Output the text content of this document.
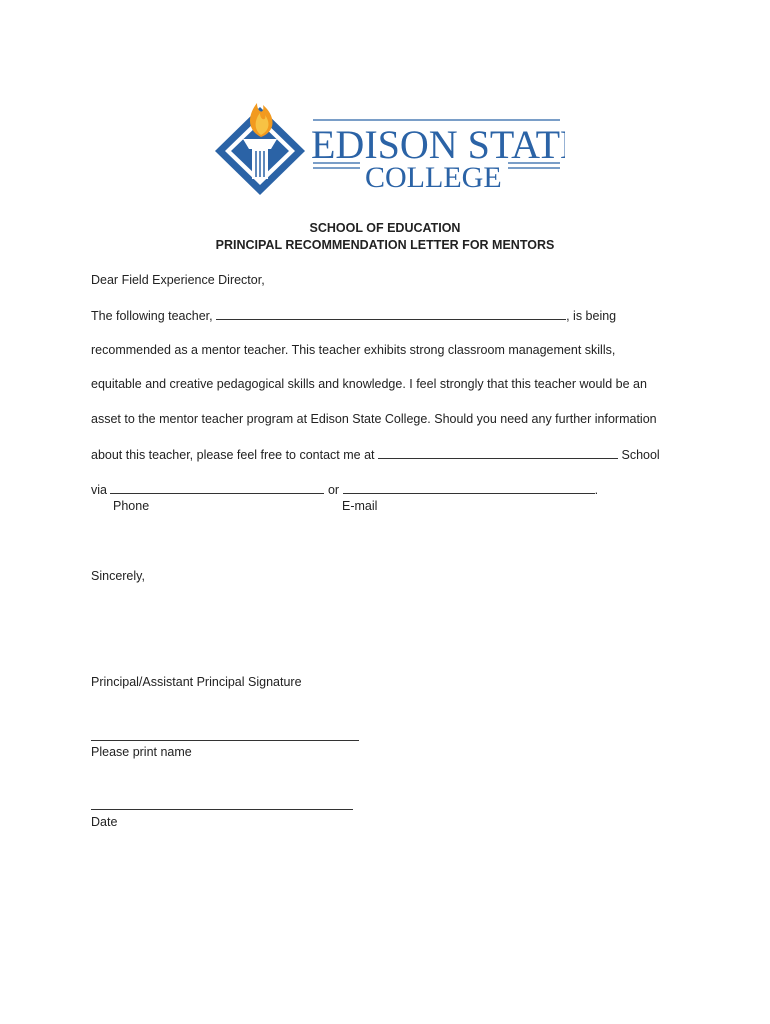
EDISON STATE
COLLEGE
SCHOOL OF EDUCATION
PRINCIPAL RECOMMENDATION LETTER FOR MENTORS
Dear Field Experience Director,
The following teacher,	, is being
recommended as a mentor teacher. This teacher exhibits strong classroom management skills,
equitable and creative pedagogical skills and knowledge. I feel strongly that this teacher would be an
asset to the mentor teacher program at Edison State College. Should you need any further information
about this teacher, please feel free to contact me at	School
via	or	.
Phone	E-mail
Sincerely,
Principal/Assistant Principal Signature
Please print name
Date
